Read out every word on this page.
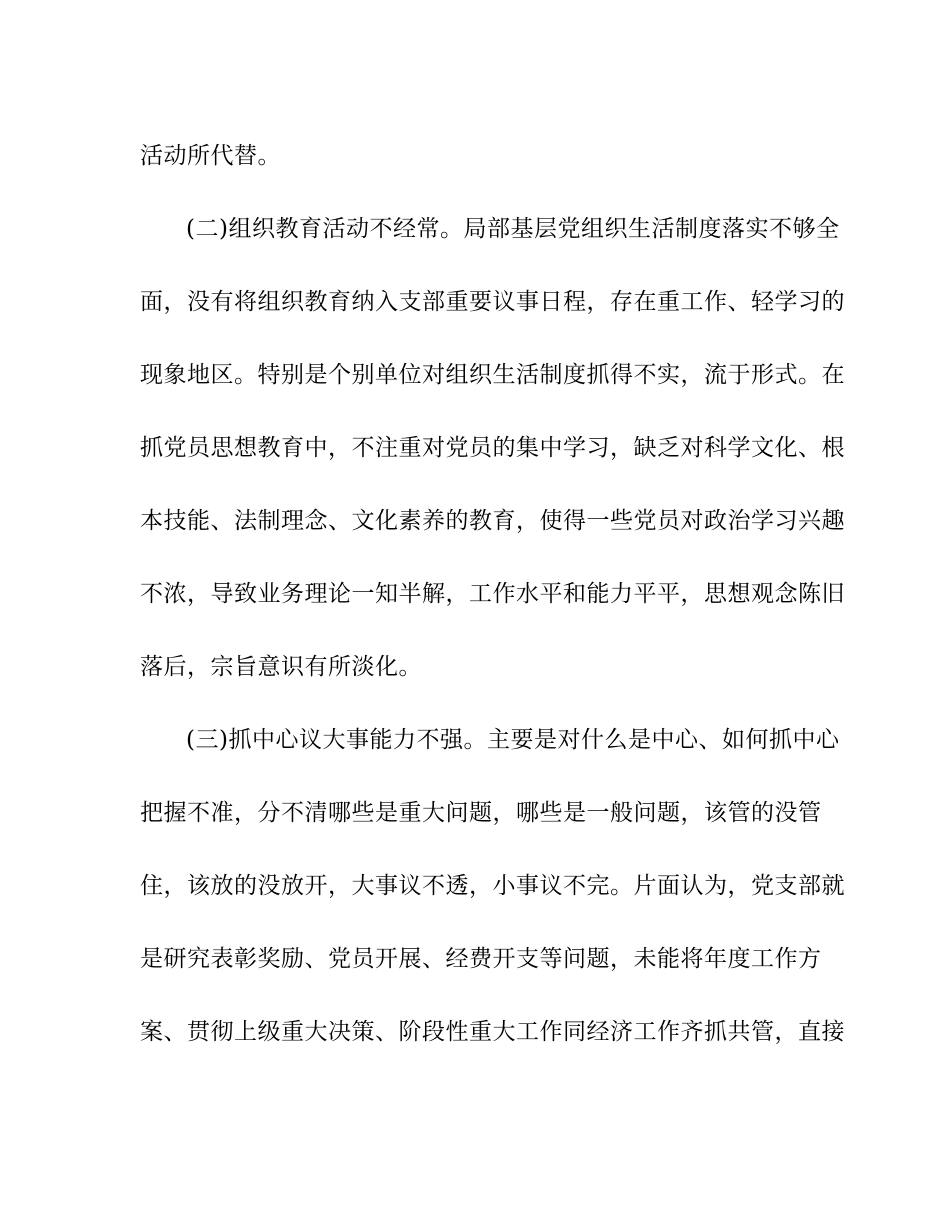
活动所代替。
(二)组织教育活动不经常。局部基层党组织生活制度落实不够全
面，没有将组织教育纳入支部重要议事日程，存在重工作、轻学习的
现象地区。特别是个别单位对组织生活制度抓得不实，流于形式。在
抓党员思想教育中，不注重对党员的集中学习，缺乏对科学文化、根
本技能、法制理念、文化素养的教育，使得一些党员对政治学习兴趣
不浓，导致业务理论一知半解，工作水平和能力平平，思想观念陈旧
落后，宗旨意识有所淡化。
(三)抓中心议大事能力不强。主要是对什么是中心、如何抓中心
把握不准，分不清哪些是重大问题，哪些是一般问题，该管的没管
住，该放的没放开，大事议不透，小事议不完。片面认为，党支部就
是研究表彰奖励、党员开展、经费开支等问题，未能将年度工作方
案、贯彻上级重大决策、阶段性重大工作同经济工作齐抓共管，直接
